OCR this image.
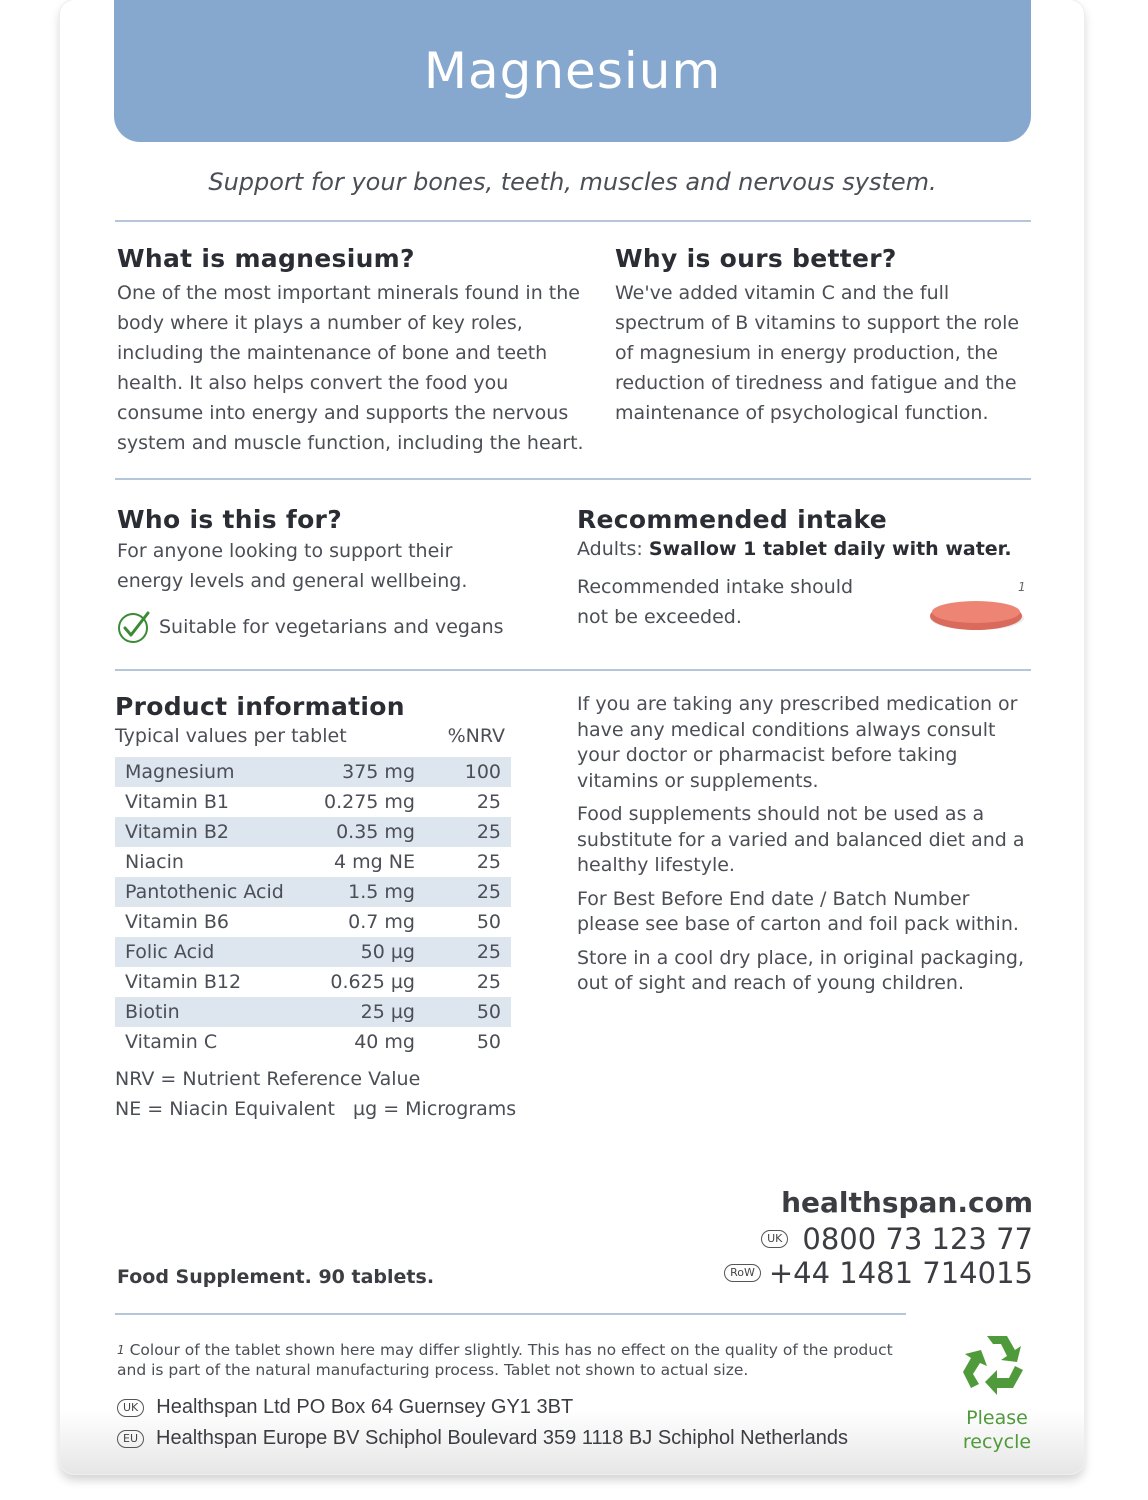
Magnesium
Support for your bones, teeth, muscles and nervous system.
What is magnesium?
One of the most important minerals found in the body where it plays a number of key roles, including the maintenance of bone and teeth health. It also helps convert the food you consume into energy and supports the nervous system and muscle function, including the heart.
Why is ours better?
We've added vitamin C and the full spectrum of B vitamins to support the role of magnesium in energy production, the reduction of tiredness and fatigue and the maintenance of psychological function.
Who is this for?
For anyone looking to support their energy levels and general wellbeing.
Suitable for vegetarians and vegans
Recommended intake
Adults: Swallow 1 tablet daily with water.
Recommended intake should not be exceeded.
1
Product information
Typical values per tablet	%NRV
Magnesium	375 mg	100
Vitamin B1	0.275 mg	25
Vitamin B2	0.35 mg	25
Niacin	4 mg NE	25
Pantothenic Acid	1.5 mg	25
Vitamin B6	0.7 mg	50
Folic Acid	50 µg	25
Vitamin B12	0.625 µg	25
Biotin	25 µg	50
Vitamin C	40 mg	50
NRV = Nutrient Reference Value
NE = Niacin Equivalent µg = Micrograms

If you are taking any prescribed medication or have any medical conditions always consult your doctor or pharmacist before taking vitamins or supplements.

Food supplements should not be used as a substitute for a varied and balanced diet and a healthy lifestyle.

For Best Before End date / Batch Number please see base of carton and foil pack within.

Store in a cool dry place, in original packaging, out of sight and reach of young children.

Food Supplement. 90 tablets.
healthspan.com
UK 0800 73 123 77
RoW +44 1481 714015
$^1$ Colour of the tablet shown here may differ slightly. This has no effect on the quality of the product and is part of the natural manufacturing process. Tablet not shown to actual size.
UK Healthspan Ltd PO Box 64 Guernsey GY1 3BT
EU Healthspan Europe BV Schiphol Boulevard 359 1118 BJ Schiphol Netherlands
Please
recycle
